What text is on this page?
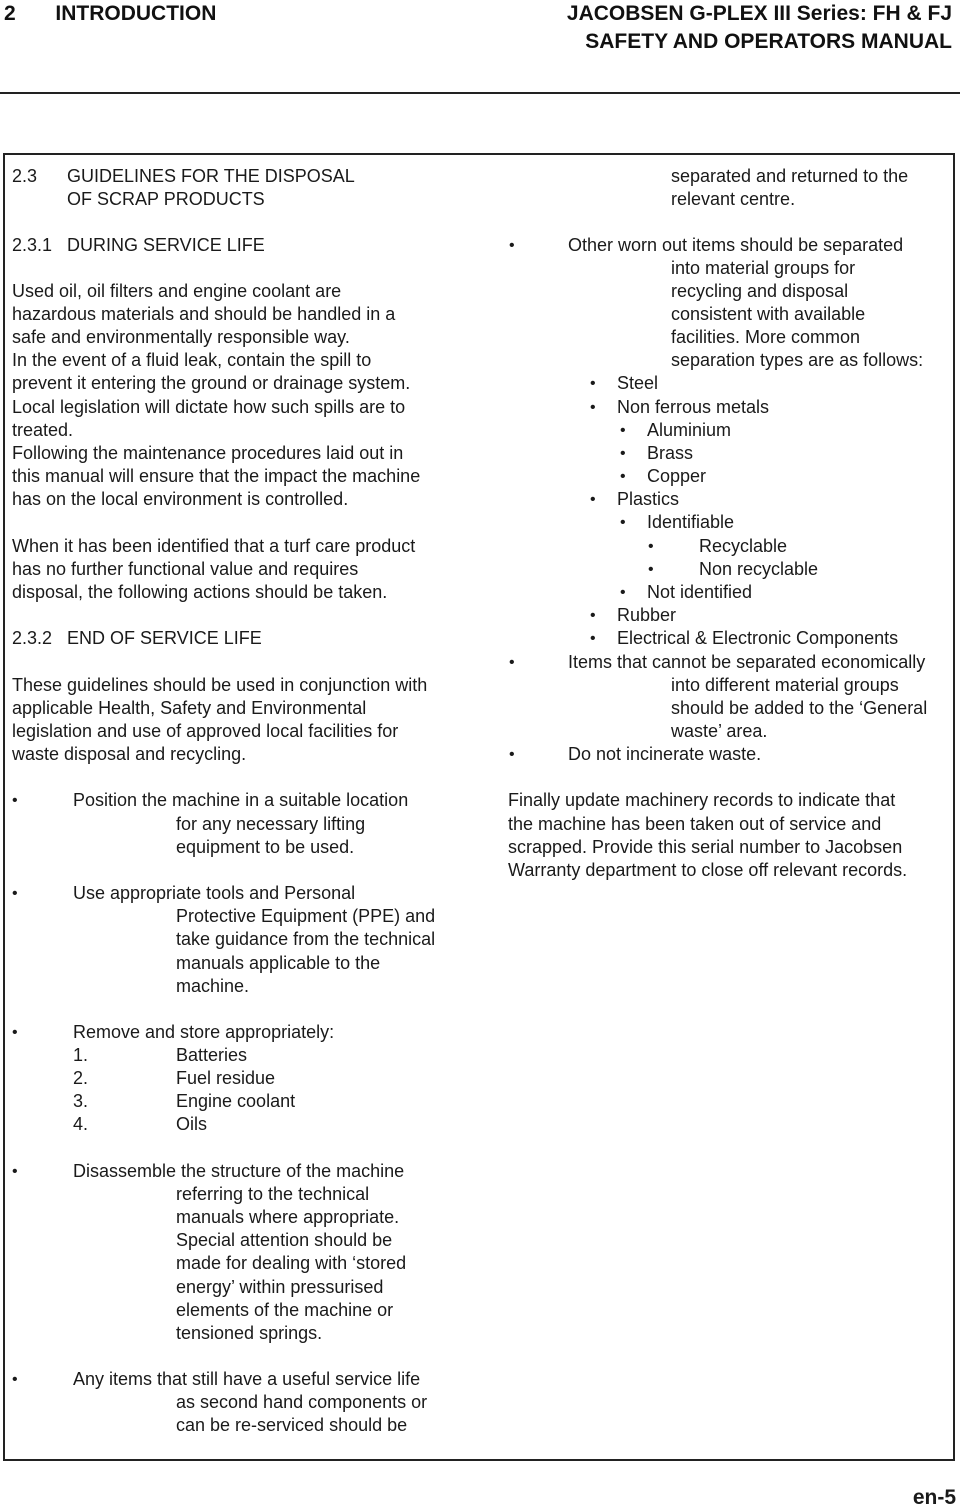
2 INTRODUCTION	JACOBSEN G-PLEX III Series: FH & FJ
SAFETY AND OPERATORS MANUAL
2.3 GUIDELINES FOR THE DISPOSAL
OF SCRAP PRODUCTS
2.3.1 DURING SERVICE LIFE
Used oil, oil filters and engine coolant are
hazardous materials and should be handled in a
safe and environmentally responsible way.
In the event of a fluid leak, contain the spill to
prevent it entering the ground or drainage system.
Local legislation will dictate how such spills are to
treated.
Following the maintenance procedures laid out in
this manual will ensure that the impact the machine
has on the local environment is controlled.
When it has been identified that a turf care product
has no further functional value and requires
disposal, the following actions should be taken.
2.3.2 END OF SERVICE LIFE
These guidelines should be used in conjunction with
applicable Health, Safety and Environmental
legislation and use of approved local facilities for
waste disposal and recycling.
•	Position the machine in a suitable location
for any necessary lifting
equipment to be used.
•	Use appropriate tools and Personal
Protective Equipment (PPE) and
take guidance from the technical
manuals applicable to the
machine.
•	Remove and store appropriately:
1.	Batteries
2.	Fuel residue
3.	Engine coolant
4.	Oils
•	Disassemble the structure of the machine
referring to the technical
manuals where appropriate.
Special attention should be
made for dealing with ‘stored
energy’ within pressurised
elements of the machine or
tensioned springs.
•	Any items that still have a useful service life
as second hand components or
can be re-serviced should be
separated and returned to the
relevant centre.
•	Other worn out items should be separated
into material groups for
recycling and disposal
consistent with available
facilities. More common
separation types are as follows:
• Steel
• Non ferrous metals
• Aluminium
• Brass
• Copper
• Plastics
• Identifiable
•	Recyclable
•	Non recyclable
• Not identified
• Rubber
• Electrical & Electronic Components
•	Items that cannot be separated economically
into different material groups
should be added to the ‘General
waste’ area.
•	Do not incinerate waste.
Finally update machinery records to indicate that
the machine has been taken out of service and
scrapped. Provide this serial number to Jacobsen
Warranty department to close off relevant records.
en-5
